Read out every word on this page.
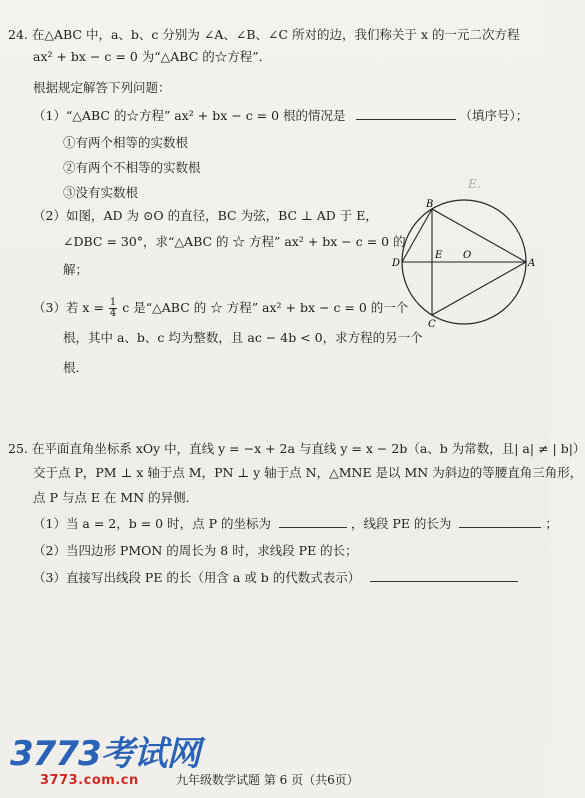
24. 在△ABC 中，a、b、c 分别为 ∠A、∠B、∠C 所对的边，我们称关于 x 的一元二次方程
ax² + bx − c = 0 为“△ABC 的☆方程”．
根据规定解答下列问题：
（1）“△ABC 的☆方程” ax² + bx − c = 0 根的情况是	（填序号）；
①有两个相等的实数根
②有两个不相等的实数根
③没有实数根
E.
（2）如图，AD 为 ⊙O 的直径，BC 为弦，BC ⊥ AD 于 E，
∠DBC = 30°，求“△ABC 的 ☆ 方程” ax² + bx − c = 0 的
解；
（3）若 $x = \frac{1}{4}$ c 是“△ABC 的 ☆ 方程” ax² + bx − c = 0 的一个
根，其中 a、b、c 均为整数，且 ac − 4b < 0，求方程的另一个
根．
B
D
E O
A
C
25. 在平面直角坐标系 xOy 中，直线 y = −x + 2a 与直线 y = x − 2b（a、b 为常数，且| a| ≠ | b|）
交于点 P，PM ⊥ x 轴于点 M，PN ⊥ y 轴于点 N，△MNE 是以 MN 为斜边的等腰直角三角形，
点 P 与点 E 在 MN 的异侧．
（1）当 a = 2，b = 0 时，点 P 的坐标为	，线段 PE 的长为	；
（2）当四边形 PMON 的周长为 8 时，求线段 PE 的长；
（3）直接写出线段 PE 的长（用含 a 或 b 的代数式表示）
3773考试网
3773.com.cn	九年级数学试题 第 6 页（共6页）
